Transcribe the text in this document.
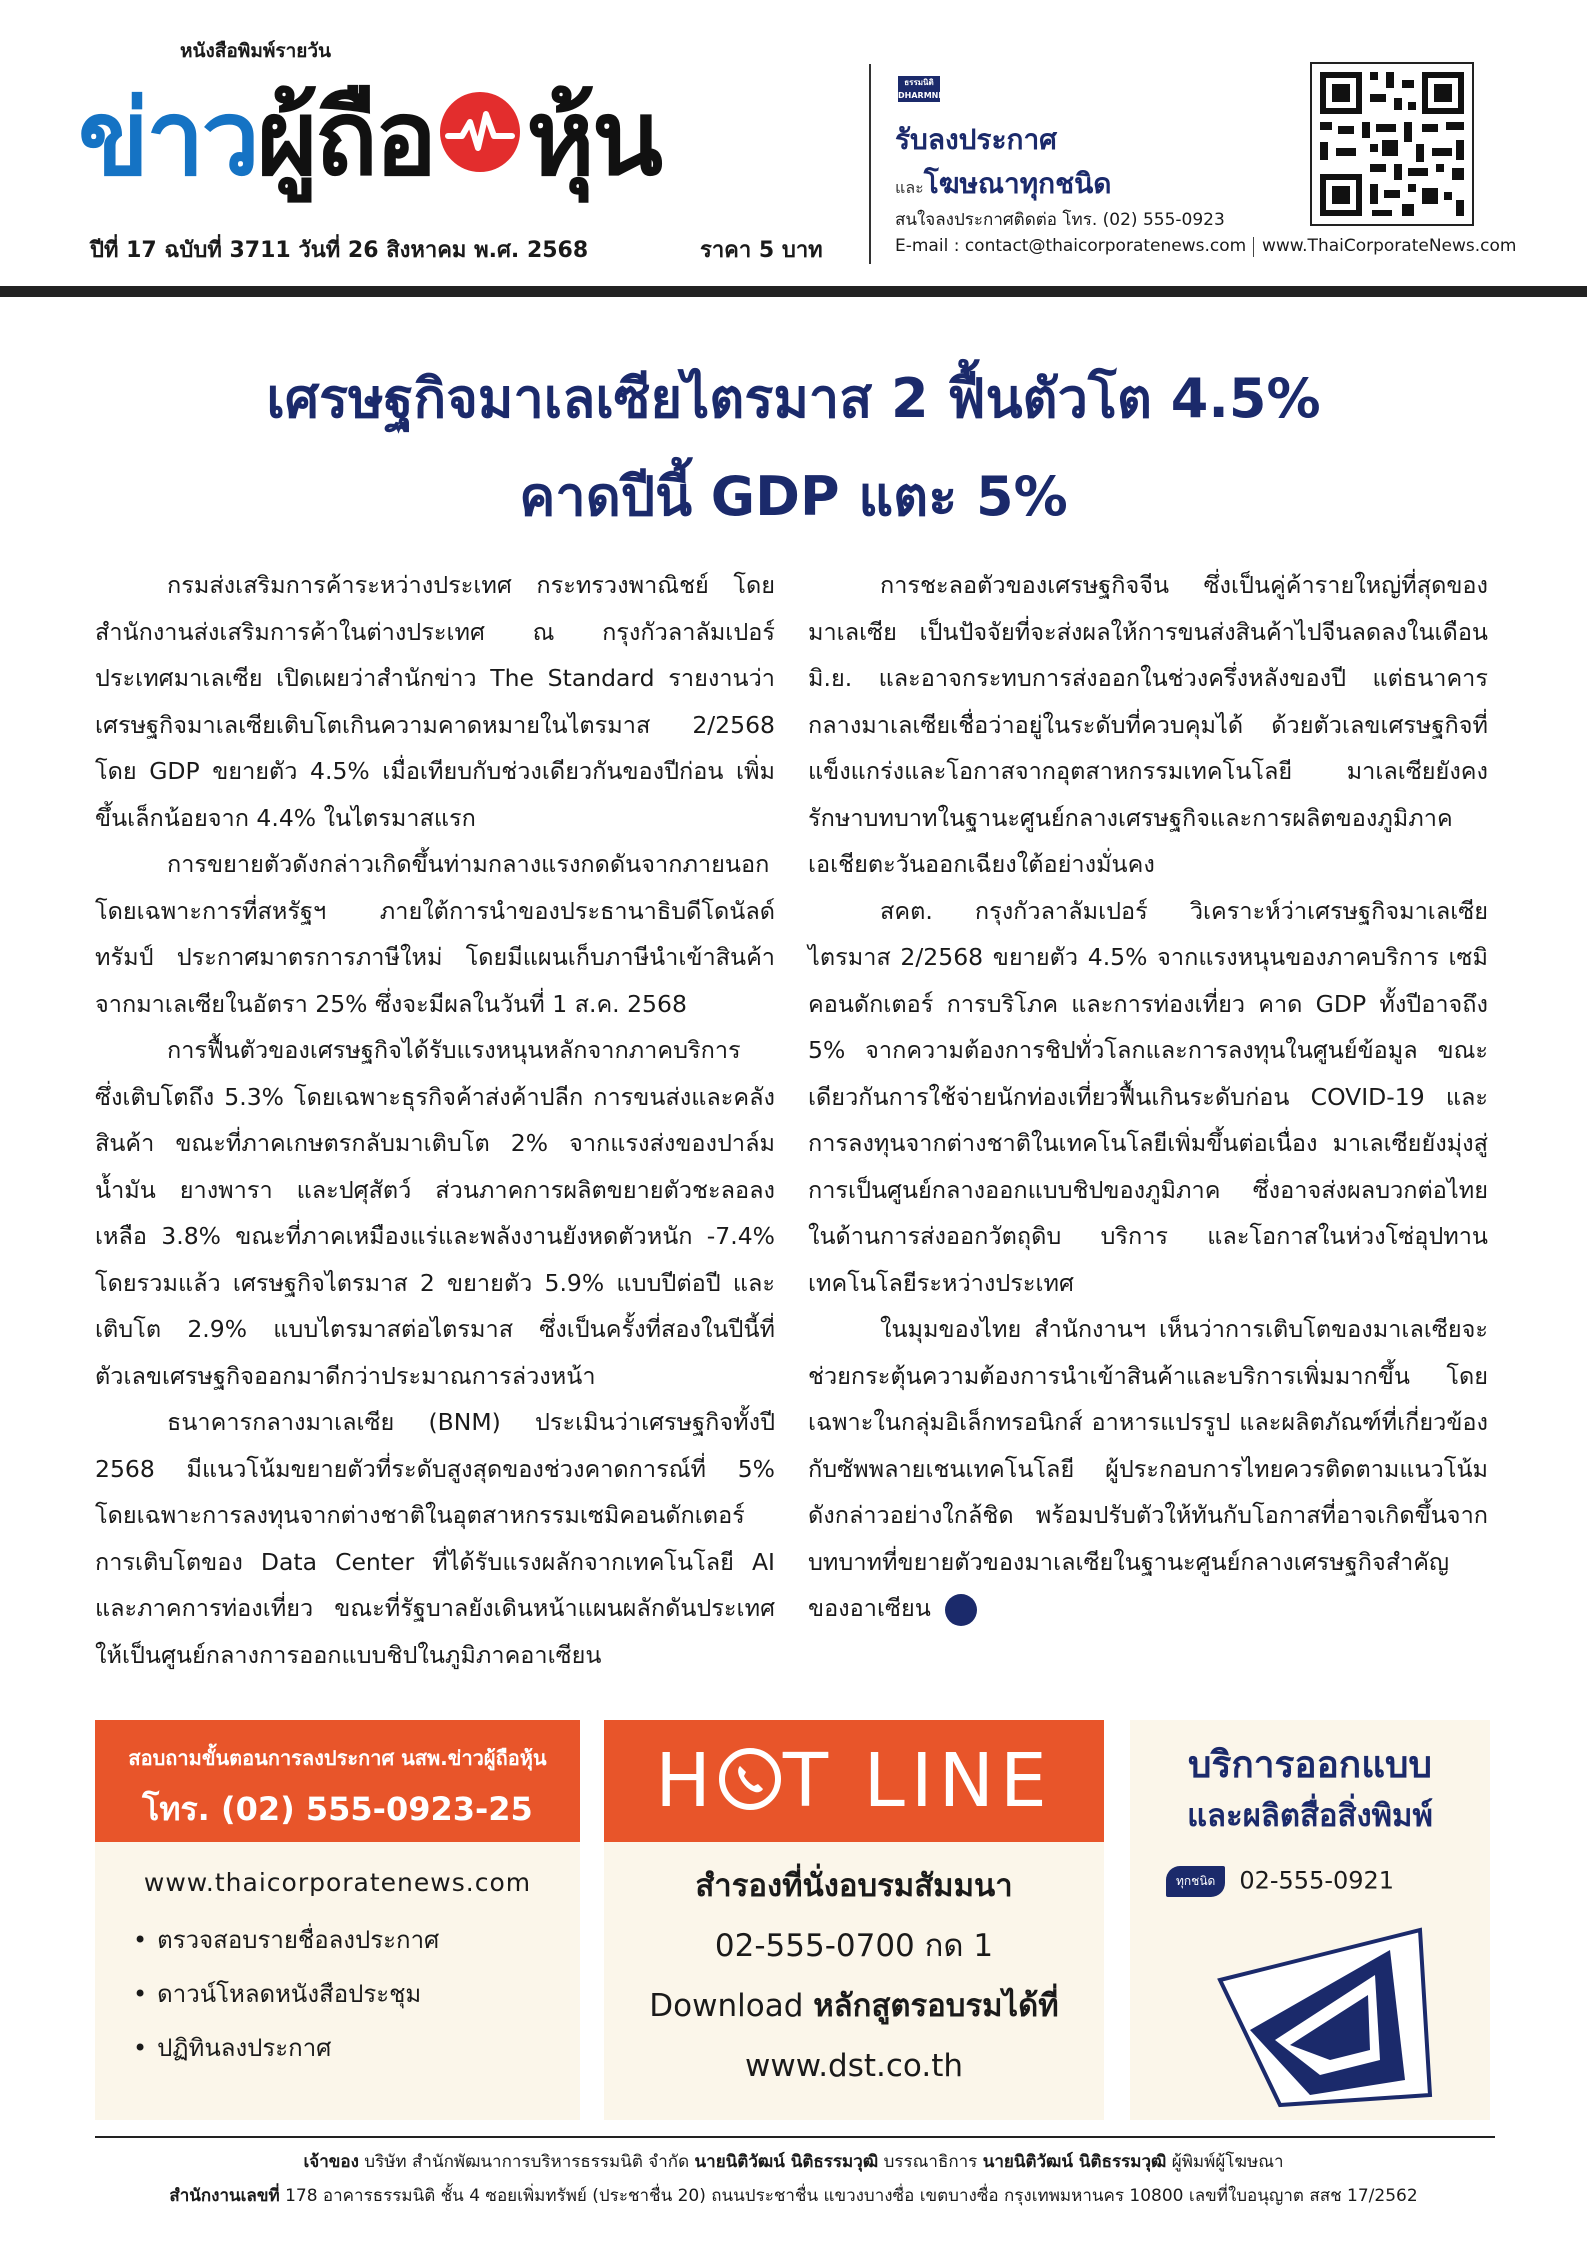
หนังสือพิมพ์รายวัน
ข่าว ผู้ถือ หุ้น
ปีที่ 17 ฉบับที่ 3711 วันที่ 26 สิงหาคม พ.ศ. 2568	ราคา 5 บาท
ธรรมนิติ
DHARMNITI
รับลงประกาศ
และโฆษณาทุกชนิด
สนใจลงประกาศติดต่อ โทร. (02) 555-0923
E-mail : contact@thaicorporatenews.com www.ThaiCorporateNews.com
เศรษฐกิจมาเลเซียไตรมาส 2 ฟื้นตัวโต 4.5%
คาดปีนี้ GDP แตะ 5%

กรมส่งเสริมการค้าระหว่างประเทศ กระทรวงพาณิชย์ โดยสำนักงานส่งเสริมการค้าในต่างประเทศ ณ กรุงกัวลาลัมเปอร์ ประเทศมาเลเซีย เปิดเผยว่าสำนักข่าว The Standard รายงานว่าเศรษฐกิจมาเลเซียเติบโตเกินความคาดหมายในไตรมาส 2/2568 โดย GDP ขยายตัว 4.5% เมื่อเทียบกับช่วงเดียวกันของปีก่อน เพิ่มขึ้นเล็กน้อยจาก 4.4% ในไตรมาสแรก

การขยายตัวดังกล่าวเกิดขึ้นท่ามกลางแรงกดดันจากภายนอก โดยเฉพาะการที่สหรัฐฯ ภายใต้การนำของประธานาธิบดีโดนัลด์ ทรัมป์ ประกาศมาตรการภาษีใหม่ โดยมีแผนเก็บภาษีนำเข้าสินค้าจากมาเลเซียในอัตรา 25% ซึ่งจะมีผลในวันที่ 1 ส.ค. 2568

การฟื้นตัวของเศรษฐกิจได้รับแรงหนุนหลักจากภาคบริการ ซึ่งเติบโตถึง 5.3% โดยเฉพาะธุรกิจค้าส่งค้าปลีก การขนส่งและคลังสินค้า ขณะที่ภาคเกษตรกลับมาเติบโต 2% จากแรงส่งของปาล์มน้ำมัน ยางพารา และปศุสัตว์ ส่วนภาคการผลิตขยายตัวชะลอลงเหลือ 3.8% ขณะที่ภาคเหมืองแร่และพลังงานยังหดตัวหนัก -7.4% โดยรวมแล้ว เศรษฐกิจไตรมาส 2 ขยายตัว 5.9% แบบปีต่อปี และเติบโต 2.9% แบบไตรมาสต่อไตรมาส ซึ่งเป็นครั้งที่สองในปีนี้ที่ตัวเลขเศรษฐกิจออกมาดีกว่าประมาณการล่วงหน้า

ธนาคารกลางมาเลเซีย (BNM) ประเมินว่าเศรษฐกิจทั้งปี 2568 มีแนวโน้มขยายตัวที่ระดับสูงสุดของช่วงคาดการณ์ที่ 5% โดยเฉพาะการลงทุนจากต่างชาติในอุตสาหกรรมเซมิคอนดักเตอร์ การเติบโตของ Data Center ที่ได้รับแรงผลักจากเทคโนโลยี AI และภาคการท่องเที่ยว ขณะที่รัฐบาลยังเดินหน้าแผนผลักดันประเทศให้เป็นศูนย์กลางการออกแบบชิปในภูมิภาคอาเซียน

การชะลอตัวของเศรษฐกิจจีน ซึ่งเป็นคู่ค้ารายใหญ่ที่สุดของมาเลเซีย เป็นปัจจัยที่จะส่งผลให้การขนส่งสินค้าไปจีนลดลงในเดือน มิ.ย. และอาจกระทบการส่งออกในช่วงครึ่งหลังของปี แต่ธนาคารกลางมาเลเซียเชื่อว่าอยู่ในระดับที่ควบคุมได้ ด้วยตัวเลขเศรษฐกิจที่แข็งแกร่งและโอกาสจากอุตสาหกรรมเทคโนโลยี มาเลเซียยังคงรักษาบทบาทในฐานะศูนย์กลางเศรษฐกิจและการผลิตของภูมิภาคเอเชียตะวันออกเฉียงใต้อย่างมั่นคง

สคต. กรุงกัวลาลัมเปอร์ วิเคราะห์ว่าเศรษฐกิจมาเลเซียไตรมาส 2/2568 ขยายตัว 4.5% จากแรงหนุนของภาคบริการ เซมิคอนดักเตอร์ การบริโภค และการท่องเที่ยว คาด GDP ทั้งปีอาจถึง 5% จากความต้องการชิปทั่วโลกและการลงทุนในศูนย์ข้อมูล ขณะเดียวกันการใช้จ่ายนักท่องเที่ยวฟื้นเกินระดับก่อน COVID-19 และการลงทุนจากต่างชาติในเทคโนโลยีเพิ่มขึ้นต่อเนื่อง มาเลเซียยังมุ่งสู่การเป็นศูนย์กลางออกแบบชิปของภูมิภาค ซึ่งอาจส่งผลบวกต่อไทยในด้านการส่งออกวัตถุดิบ บริการ และโอกาสในห่วงโซ่อุปทานเทคโนโลยีระหว่างประเทศ

ในมุมของไทย สำนักงานฯ เห็นว่าการเติบโตของมาเลเซียจะช่วยกระตุ้นความต้องการนำเข้าสินค้าและบริการเพิ่มมากขึ้น โดยเฉพาะในกลุ่มอิเล็กทรอนิกส์ อาหารแปรรูป และผลิตภัณฑ์ที่เกี่ยวข้องกับซัพพลายเชนเทคโนโลยี ผู้ประกอบการไทยควรติดตามแนวโน้มดังกล่าวอย่างใกล้ชิด พร้อมปรับตัวให้ทันกับโอกาสที่อาจเกิดขึ้นจากบทบาทที่ขยายตัวของมาเลเซียในฐานะศูนย์กลางเศรษฐกิจสำคัญของอาเซียน

สอบถามขั้นตอนการลงประกาศ นสพ.ข่าวผู้ถือหุ้น
โทร. (02) 555-0923-25
www.thaicorporatenews.com
• ตรวจสอบรายชื่อลงประกาศ
• ดาวน์โหลดหนังสือประชุม
• ปฏิทินลงประกาศ
H T LINE
สำรองที่นั่งอบรมสัมมนา
02-555-0700 กด 1
Download หลักสูตรอบรมได้ที่
www.dst.co.th
บริการออกแบบ
และผลิตสื่อสิ่งพิมพ์
ทุกชนิด 02-555-0921
เจ้าของ บริษัท สำนักพัฒนาการบริหารธรรมนิติ จำกัด นายนิติวัฒน์ นิติธรรมวุฒิ บรรณาธิการ นายนิติวัฒน์ นิติธรรมวุฒิ ผู้พิมพ์ผู้โฆษณา
สำนักงานเลขที่ 178 อาคารธรรมนิติ ชั้น 4 ซอยเพิ่มทรัพย์ (ประชาชื่น 20) ถนนประชาชื่น แขวงบางซื่อ เขตบางซื่อ กรุงเทพมหานคร 10800 เลขที่ใบอนุญาต สสช 17/2562
